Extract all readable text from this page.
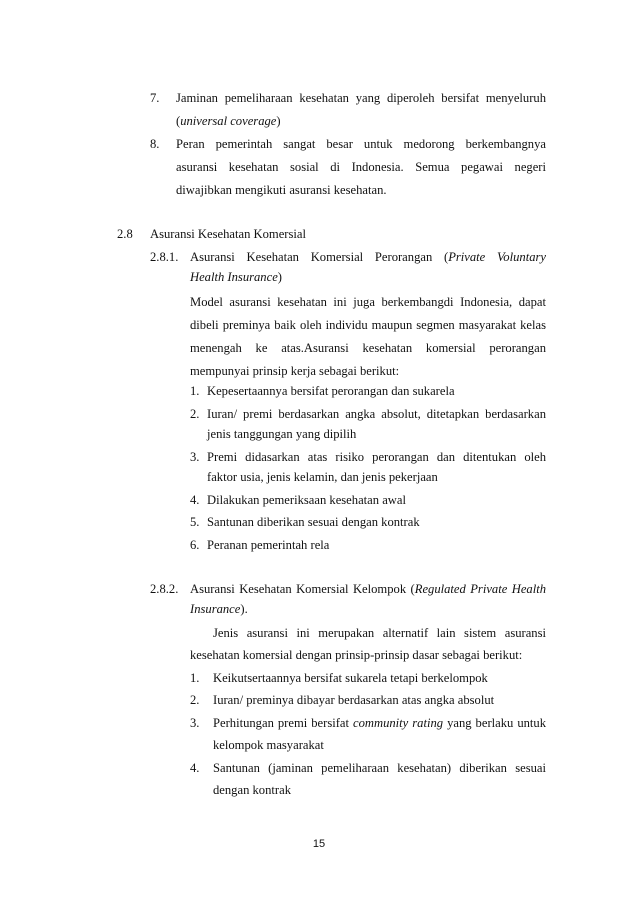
7. Jaminan pemeliharaan kesehatan yang diperoleh bersifat menyeluruh
(universal coverage)
8. Peran pemerintah sangat besar untuk medorong berkembangnya
asuransi kesehatan sosial di Indonesia. Semua pegawai negeri
diwajibkan mengikuti asuransi kesehatan.
2.8 Asuransi Kesehatan Komersial
2.8.1. Asuransi Kesehatan Komersial Perorangan (Private Voluntary
Health Insurance)
Model asuransi kesehatan ini juga berkembangdi Indonesia, dapat
dibeli preminya baik oleh individu maupun segmen masyarakat kelas
menengah ke atas.Asuransi kesehatan komersial perorangan
mempunyai prinsip kerja sebagai berikut:
1. Kepesertaannya bersifat perorangan dan sukarela
2. Iuran/ premi berdasarkan angka absolut, ditetapkan berdasarkan
jenis tanggungan yang dipilih
3. Premi didasarkan atas risiko perorangan dan ditentukan oleh
faktor usia, jenis kelamin, dan jenis pekerjaan
4. Dilakukan pemeriksaan kesehatan awal
5. Santunan diberikan sesuai dengan kontrak
6. Peranan pemerintah rela
2.8.2. Asuransi Kesehatan Komersial Kelompok (Regulated Private Health
Insurance).
Jenis asuransi ini merupakan alternatif lain sistem asuransi
kesehatan komersial dengan prinsip-prinsip dasar sebagai berikut:
1. Keikutsertaannya bersifat sukarela tetapi berkelompok
2. Iuran/ preminya dibayar berdasarkan atas angka absolut
3. Perhitungan premi bersifat community rating yang berlaku untuk
kelompok masyarakat
4. Santunan (jaminan pemeliharaan kesehatan) diberikan sesuai
dengan kontrak
15
